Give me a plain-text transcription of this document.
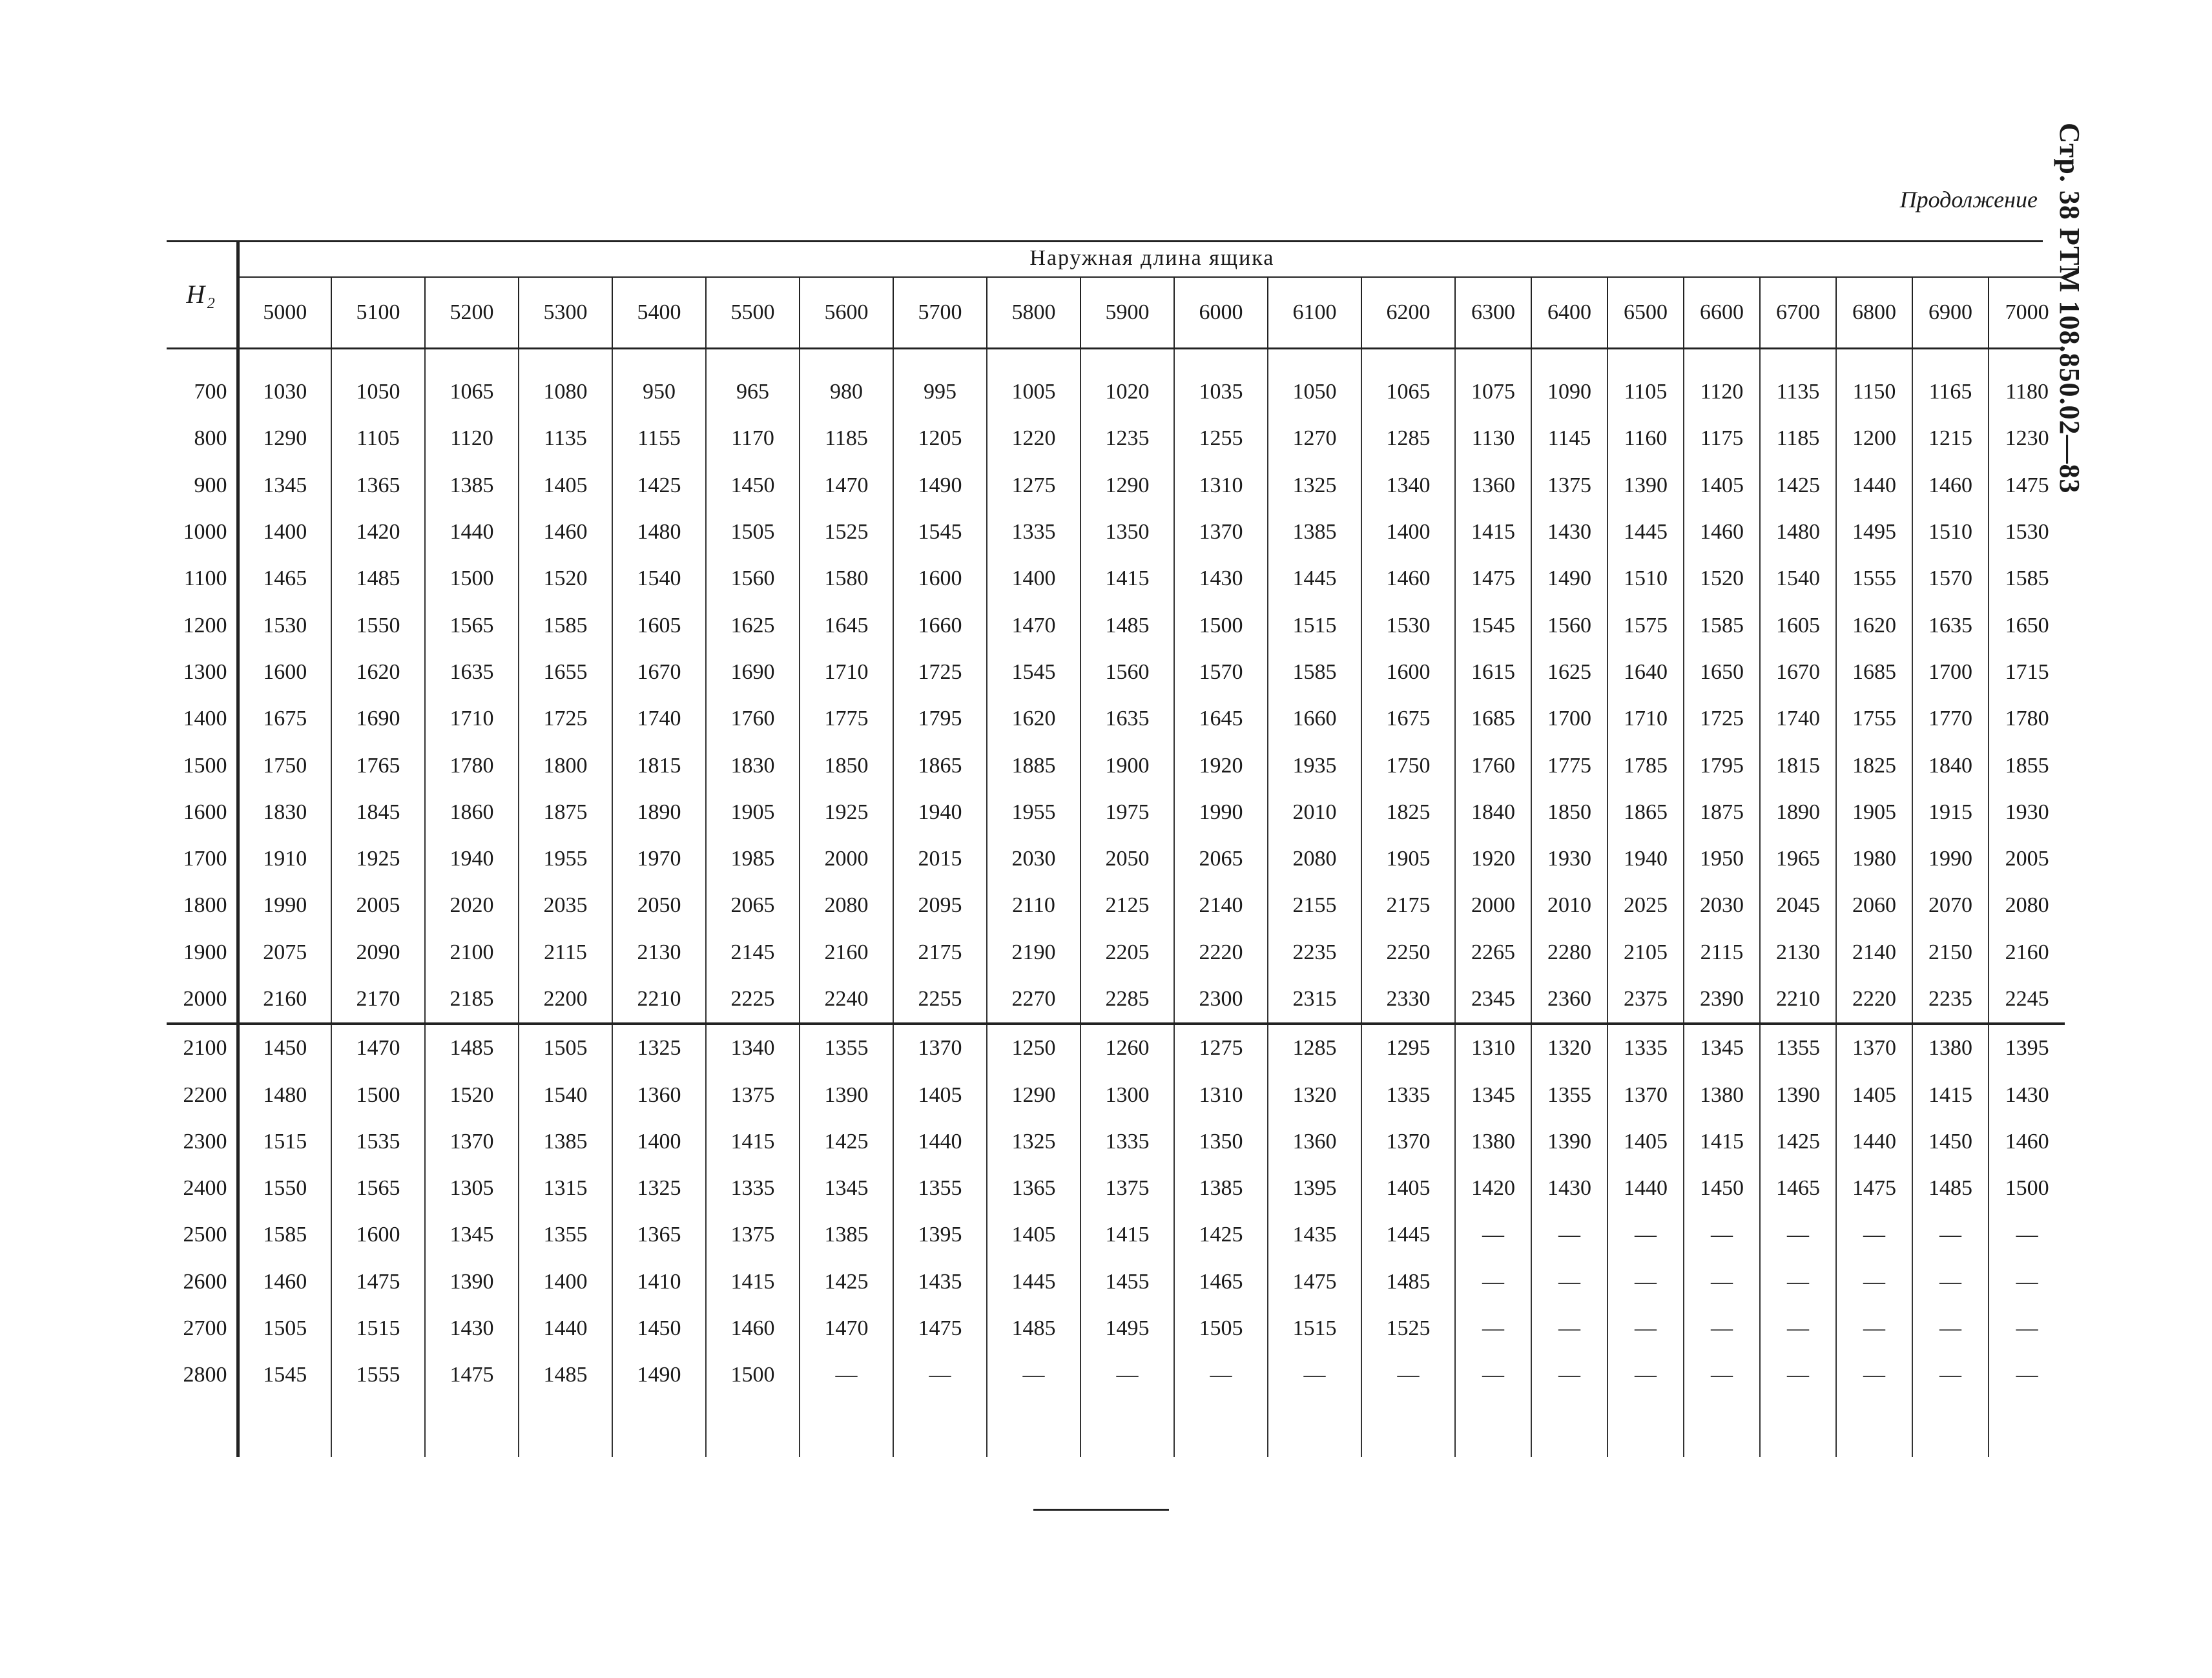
Стр. 38 РТМ 108.850.02—83
Продолжение
H₂	Наружная длина ящика																				
	5000	5100	5200	5300	5400	5500	5600	5700	5800	5900	6000	6100	6200	6300	6400	6500	6600	6700	6800	6900	7000

700	1030	1050	1065	1080	950	965	980	995	1005	1020	1035	1050	1065	1075	1090	1105	1120	1135	1150	1165	1180
800	1290	1105	1120	1135	1155	1170	1185	1205	1220	1235	1255	1270	1285	1130	1145	1160	1175	1185	1200	1215	1230
900	1345	1365	1385	1405	1425	1450	1470	1490	1275	1290	1310	1325	1340	1360	1375	1390	1405	1425	1440	1460	1475
1000	1400	1420	1440	1460	1480	1505	1525	1545	1335	1350	1370	1385	1400	1415	1430	1445	1460	1480	1495	1510	1530
1100	1465	1485	1500	1520	1540	1560	1580	1600	1400	1415	1430	1445	1460	1475	1490	1510	1520	1540	1555	1570	1585
1200	1530	1550	1565	1585	1605	1625	1645	1660	1470	1485	1500	1515	1530	1545	1560	1575	1585	1605	1620	1635	1650
1300	1600	1620	1635	1655	1670	1690	1710	1725	1545	1560	1570	1585	1600	1615	1625	1640	1650	1670	1685	1700	1715
1400	1675	1690	1710	1725	1740	1760	1775	1795	1620	1635	1645	1660	1675	1685	1700	1710	1725	1740	1755	1770	1780
1500	1750	1765	1780	1800	1815	1830	1850	1865	1885	1900	1920	1935	1750	1760	1775	1785	1795	1815	1825	1840	1855
1600	1830	1845	1860	1875	1890	1905	1925	1940	1955	1975	1990	2010	1825	1840	1850	1865	1875	1890	1905	1915	1930
1700	1910	1925	1940	1955	1970	1985	2000	2015	2030	2050	2065	2080	1905	1920	1930	1940	1950	1965	1980	1990	2005
1800	1990	2005	2020	2035	2050	2065	2080	2095	2110	2125	2140	2155	2175	2000	2010	2025	2030	2045	2060	2070	2080
1900	2075	2090	2100	2115	2130	2145	2160	2175	2190	2205	2220	2235	2250	2265	2280	2105	2115	2130	2140	2150	2160
2000	2160	2170	2185	2200	2210	2225	2240	2255	2270	2285	2300	2315	2330	2345	2360	2375	2390	2210	2220	2235	2245
2100	1450	1470	1485	1505	1325	1340	1355	1370	1250	1260	1275	1285	1295	1310	1320	1335	1345	1355	1370	1380	1395
2200	1480	1500	1520	1540	1360	1375	1390	1405	1290	1300	1310	1320	1335	1345	1355	1370	1380	1390	1405	1415	1430
2300	1515	1535	1370	1385	1400	1415	1425	1440	1325	1335	1350	1360	1370	1380	1390	1405	1415	1425	1440	1450	1460
2400	1550	1565	1305	1315	1325	1335	1345	1355	1365	1375	1385	1395	1405	1420	1430	1440	1450	1465	1475	1485	1500
2500	1585	1600	1345	1355	1365	1375	1385	1395	1405	1415	1425	1435	1445	—	—	—	—	—	—	—	—
2600	1460	1475	1390	1400	1410	1415	1425	1435	1445	1455	1465	1475	1485	—	—	—	—	—	—	—	—
2700	1505	1515	1430	1440	1450	1460	1470	1475	1485	1495	1505	1515	1525	—	—	—	—	—	—	—	—
2800	1545	1555	1475	1485	1490	1500	—	—	—	—	—	—	—	—	—	—	—	—	—	—	—
